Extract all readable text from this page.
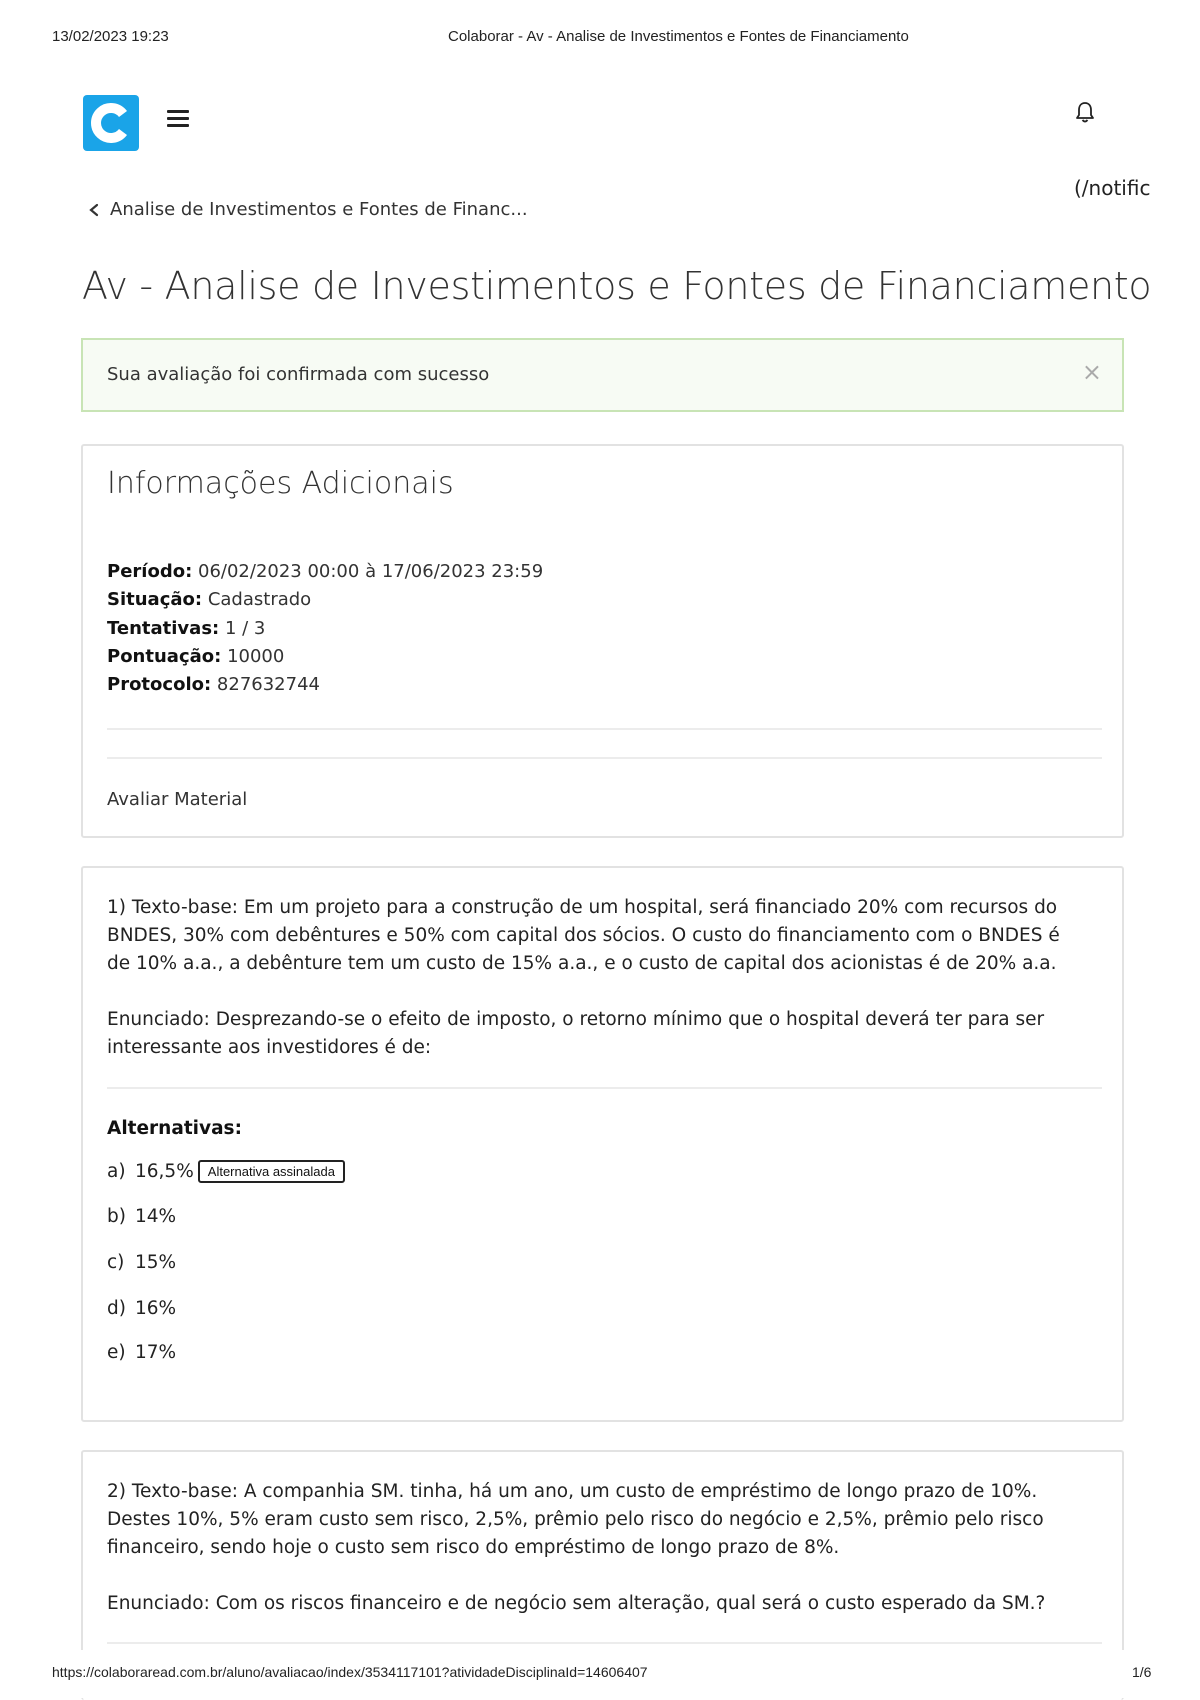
13/02/2023 19:23	Colaborar - Av - Analise de Investimentos e Fontes de Financiamento
(/notific
Analise de Investimentos e Fontes de Financ...
Av - Analise de Investimentos e Fontes de Financiamento
Sua avaliação foi confirmada com sucesso	×
Informações Adicionais
Período: 06/02/2023 00:00 à 17/06/2023 23:59
Situação: Cadastrado
Tentativas: 1 / 3
Pontuação: 10000
Protocolo: 827632744
Avaliar Material
1) Texto-base: Em um projeto para a construção de um hospital, será financiado 20% com recursos do BNDES, 30% com debêntures e 50% com capital dos sócios. O custo do financiamento com o BNDES é de 10% a.a., a debênture tem um custo de 15% a.a., e o custo de capital dos acionistas é de 20% a.a.
Enunciado: Desprezando-se o efeito de imposto, o retorno mínimo que o hospital deverá ter para ser interessante aos investidores é de:
Alternativas:
a) 16,5%	Alternativa assinalada
b) 14%
c) 15%
d) 16%
e) 17%
2) Texto-base: A companhia SM. tinha, há um ano, um custo de empréstimo de longo prazo de 10%. Destes 10%, 5% eram custo sem risco, 2,5%, prêmio pelo risco do negócio e 2,5%, prêmio pelo risco financeiro, sendo hoje o custo sem risco do empréstimo de longo prazo de 8%.
Enunciado: Com os riscos financeiro e de negócio sem alteração, qual será o custo esperado da SM.?
https://colaboraread.com.br/aluno/avaliacao/index/3534117101?atividadeDisciplinaId=14606407	1/6
